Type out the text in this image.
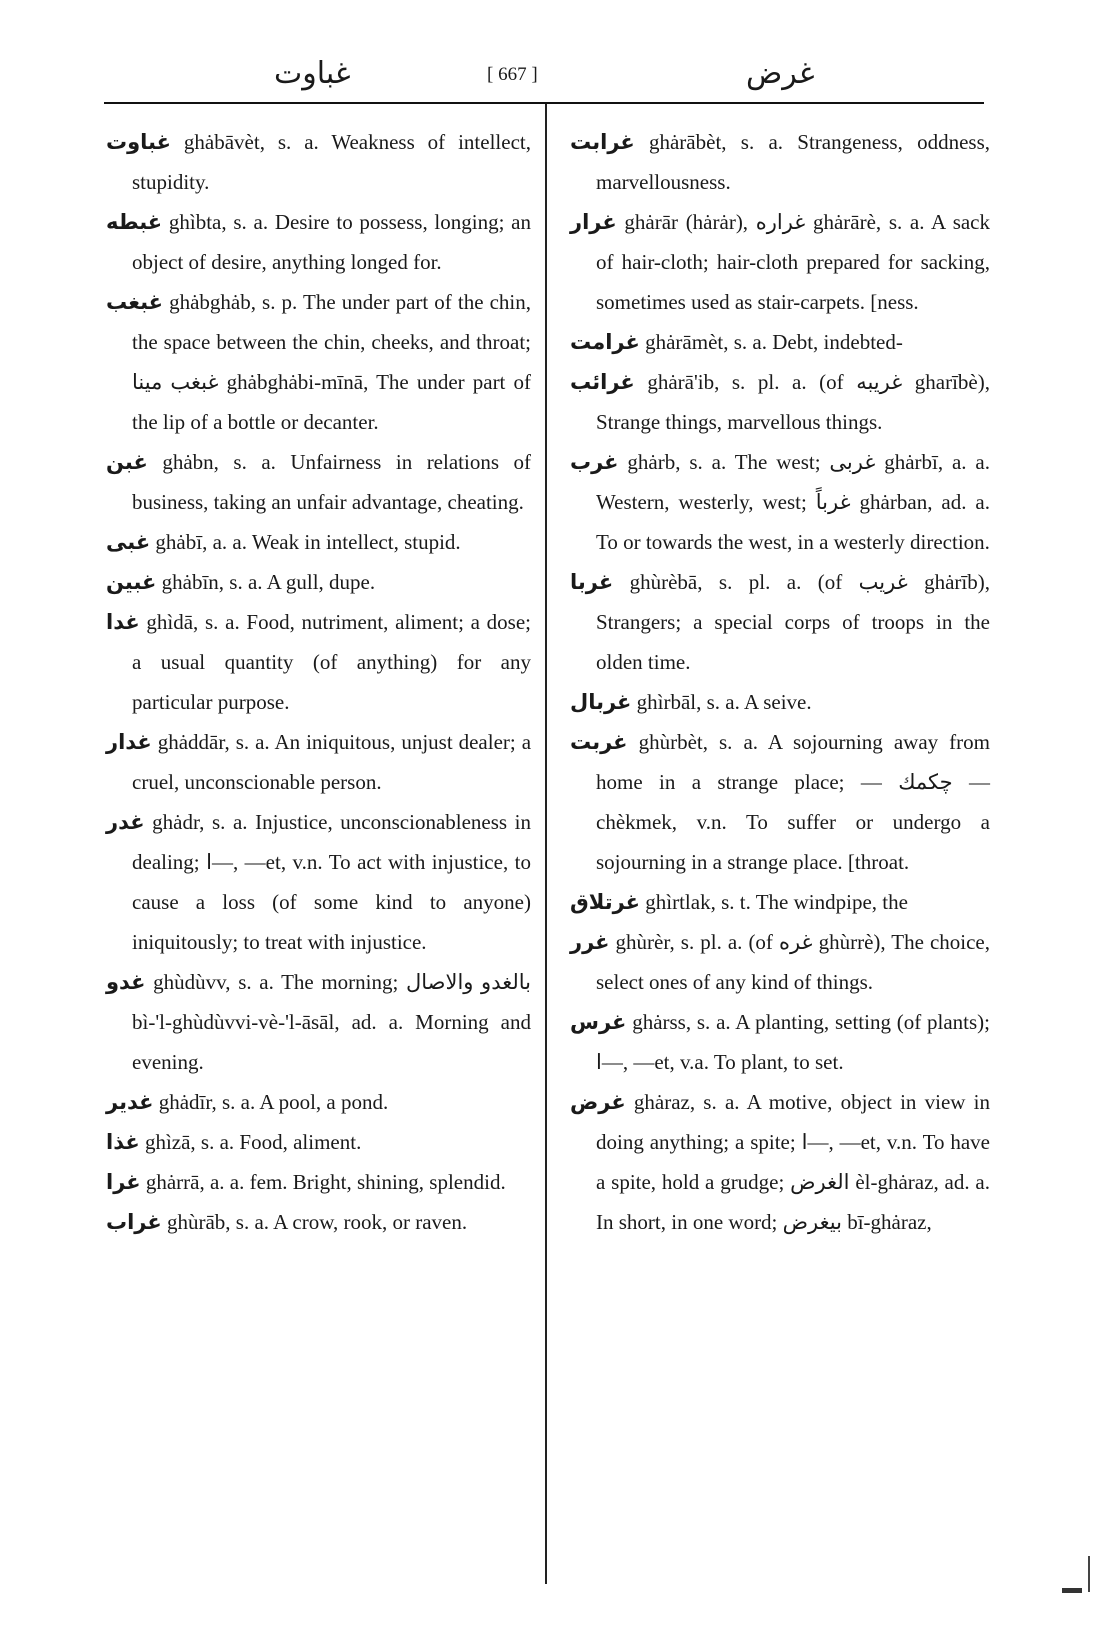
غباوت	[ 667 ]	غرض
غباوت ghȧbāvèt, s. a. Weakness of intellect, stupidity.
غبطه ghìbta, s. a. Desire to possess, longing; an object of desire, anything longed for.
غبغب ghȧbghȧb, s. p. The under part of the chin, the space between the chin, cheeks, and throat; غبغب مينا ghȧbghȧbi-mīnā, The under part of the lip of a bottle or decanter.
غبن ghȧbn, s. a. Unfairness in relations of business, taking an unfair advantage, cheating.
غبى ghȧbī, a. a. Weak in intellect, stupid.
غبين ghȧbīn, s. a. A gull, dupe.
غدا ghìdā, s. a. Food, nutriment, aliment; a dose; a usual quantity (of anything) for any particular purpose.
غدار ghȧddār, s. a. An iniquitous, unjust dealer; a cruel, unconscionable person.
غدر ghȧdr, s. a. Injustice, unconscionableness in dealing; ا—, —et, v.n. To act with injustice, to cause a loss (of some kind to anyone) iniquitously; to treat with injustice.
غدو ghùdùvv, s. a. The morning; بالغدو والاصال bì-'l-ghùdùvvi-vè-'l-āsāl, ad. a. Morning and evening.
غدير ghȧdīr, s. a. A pool, a pond.
غذا ghìzā, s. a. Food, aliment.
غرا ghȧrrā, a. a. fem. Bright, shining, splendid.
غراب ghùrāb, s. a. A crow, rook, or raven.
غرابت ghȧrābèt, s. a. Strangeness, oddness, marvellousness.
غرار ghȧrār (hȧrȧr), غراره ghȧrārè, s. a. A sack of hair-cloth; hair-cloth prepared for sacking, sometimes used as stair-carpets. [ness.
غرامت ghȧrāmèt, s. a. Debt, indebted-
غرائب ghȧrā'ib, s. pl. a. (of غريبه gharībè), Strange things, marvellous things.
غرب ghȧrb, s. a. The west; غربى ghȧrbī, a. a. Western, westerly, west; غرباً ghȧrban, ad. a. To or towards the west, in a westerly direction.
غربا ghùrèbā, s. pl. a. (of غريب ghȧrīb), Strangers; a special corps of troops in the olden time.
غربال ghìrbāl, s. a. A seive.
غربت ghùrbèt, s. a. A sojourning away from home in a strange place; — چكمك —chèkmek, v.n. To suffer or undergo a sojourning in a strange place. [throat.
غرتلاق ghìrtlak, s. t. The windpipe, the
غرر ghùrèr, s. pl. a. (of غره ghùrrè), The choice, select ones of any kind of things.
غرس ghȧrss, s. a. A planting, setting (of plants); ا—, —et, v.a. To plant, to set.
غرض ghȧraz, s. a. A motive, object in view in doing anything; a spite; ا—, —et, v.n. To have a spite, hold a grudge; الغرض èl-ghȧraz, ad. a. In short, in one word; بيغرض bī-ghȧraz,
